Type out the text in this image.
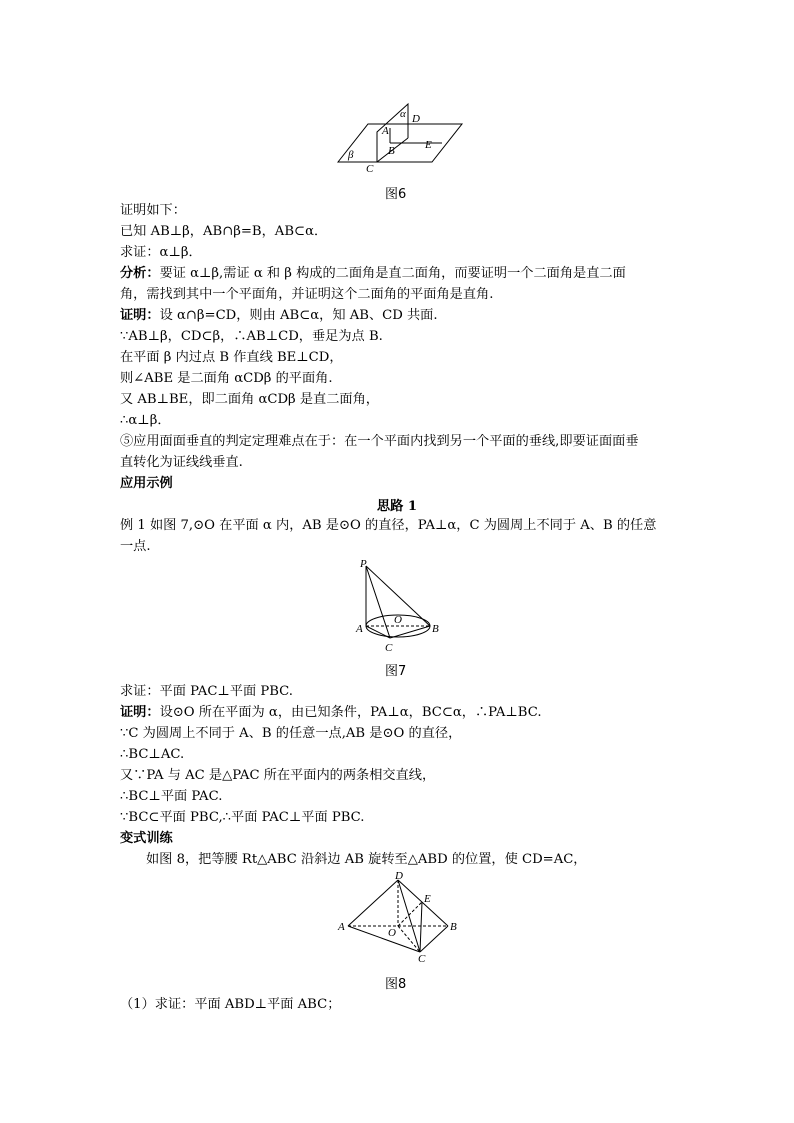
α D
A
E
B
β
C
图6
证明如下：
已知 AB⊥β，AB∩β=B，AB⊂α．
求证：α⊥β．
分析：要证 α⊥β,需证 α 和 β 构成的二面角是直二面角，而要证明一个二面角是直二面
角，需找到其中一个平面角，并证明这个二面角的平面角是直角.
证明：设 α∩β=CD，则由 AB⊂α，知 AB、CD 共面.
∵AB⊥β，CD⊂β，∴AB⊥CD，垂足为点 B.
在平面 β 内过点 B 作直线 BE⊥CD，
则∠ABE 是二面角 αCDβ 的平面角.
又 AB⊥BE，即二面角 αCDβ 是直二面角，
∴α⊥β．
⑤应用面面垂直的判定定理难点在于：在一个平面内找到另一个平面的垂线,即要证面面垂
直转化为证线线垂直.
应用示例
思路 1
例 1 如图 7,⊙O 在平面 α 内，AB 是⊙O 的直径，PA⊥α，C 为圆周上不同于 A、B 的任意
一点.
P
O
A	B
C
图7
求证：平面 PAC⊥平面 PBC.
证明：设⊙O 所在平面为 α，由已知条件，PA⊥α，BC⊂α，∴PA⊥BC.
∵C 为圆周上不同于 A、B 的任意一点,AB 是⊙O 的直径，
∴BC⊥AC.
又∵PA 与 AC 是△PAC 所在平面内的两条相交直线，
∴BC⊥平面 PAC.
∵BC⊂平面 PBC,∴平面 PAC⊥平面 PBC.
变式训练
如图 8，把等腰 Rt△ABC 沿斜边 AB 旋转至△ABD 的位置，使 CD=AC，
D
E
A	O	B
C
图8
（1）求证：平面 ABD⊥平面 ABC；
